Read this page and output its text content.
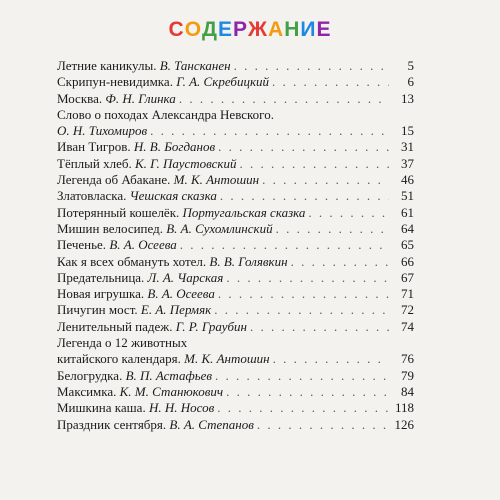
СОДЕРЖАНИЕ
Летние каникулы. В. Тансканен . . .	5
Скрипун-невидимка. Г. А. Скребицкий . . .	6
Москва. Ф. Н. Глинка . . .	13
Слово о походах Александра Невского.
О. Н. Тихомиров . . .	15
Иван Тигров. Н. В. Богданов . . .	31
Тёплый хлеб. К. Г. Паустовский . . .	37
Легенда об Абакане. М. К. Антошин . . .	46
Златовласка. Чешская сказка . . .	51
Потерянный кошелёк. Португальская сказка . . .	61
Мишин велосипед. В. А. Сухомлинский . . .	64
Печенье. В. А. Осеева . . .	65
Как я всех обмануть хотел. В. В. Голявкин . . .	66
Предательница. Л. А. Чарская . . .	67
Новая игрушка. В. А. Осеева . . .	71
Пичугин мост. Е. А. Пермяк . . .	72
Ленительный падеж. Г. Р. Граубин . . .	74
Легенда о 12 животных
китайского календаря. М. К. Антошин . . .	76
Белогрудка. В. П. Астафьев . . .	79
Максимка. К. М. Станюкович . . .	84
Мишкина каша. Н. Н. Носов . . .	118
Праздник сентября. В. А. Степанов . . .	126
